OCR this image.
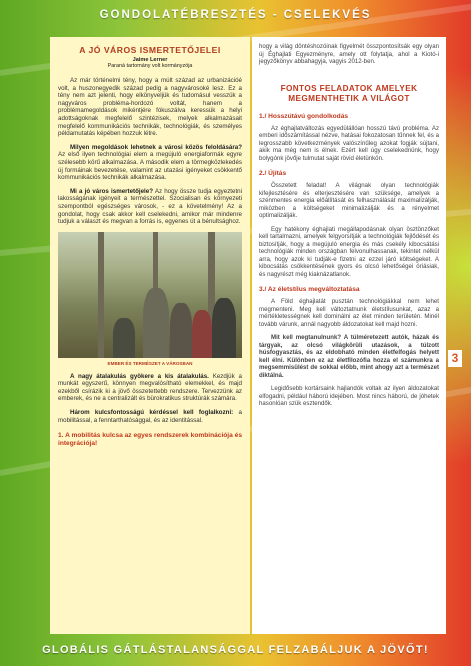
GONDOLATÉBRESZTÉS - CSELEKVÉS
A JÓ VÁROS ISMERTETŐJELEI
Jaime Lerner
Paraná tartomány volt kormányzója

Az már történelmi tény, hogy a múlt század az urbanizációé volt, a huszonegyedik század pedig a nagyvárosoké lesz. Ez a tény nem azt jelenti, hogy elkönyveljük és tudomásul vesszük a nagyváros probléma-hordozó voltát, hanem a problémamegoldások mikéntjére fókuszálva keressük a helyi adottságoknak megfelelő szintézisek, melyek alkalmazásait megfelelő kommunikációs technikák, technológiák, és személyes példamutatás képében hozzuk létre.

Milyen megoldások lehetnek a városi közös feloldására? Az első ilyen technológiai elem a megújuló energiaformák egyre szélesebb körű alkalmazása. A második elem a törmegközlekedés új formáinak bevezetése, valamint az utazási igényeket csökkentő kommunikációs technikák alkalmazása.

Mi a jó város ismertetőjele? Az hogy össze tudja egyeztetni lakosságának igényeit a természettel. Szocialisan és környezeti szempontból egészséges városok, - ez a követelmény! Az a gondolat, hogy csak akkor kell cselekedni, amikor már mindenre tudjuk a választ és megvan a forrás is, egyenes út a bénultsághoz.

EMBER ÉS TERMÉSZET A VÁROSBAN

A nagy átalakulás gyökere a kis átalakulás. Kezdjük a munkát egyszerű, könnyen megvalósítható elemekkel, és majd ezekből csírázik ki a jövő összetettebb rendszere. Tervezzünk az emberek, és ne a centralizált és bürokratikus struktúrák számára.

Három kulcsfontosságú kérdéssel kell foglalkozni: a mobilitással, a fenntarthatósággal, és az identitással.

1. A mobilitás kulcsa az egyes rendszerek kombinációja és integrációja!

hogy a világ döntéshozóinak figyelmét összpontosítsák egy olyan új Éghajlati Egyezményre, amely ott folytatja, ahol a Kiotó-i jegyzőkönyv abbahagyja, vagyis 2012-ben.

FONTOS FELADATOK AMELYEK MEGMENTHETIK A VILÁGOT
1./ Hosszútávú gondolkodás

Az éghajlatváltozás egyedülállóan hosszú távú probléma. Az emberi időszámítással nézve, hatásai fokozatosan tűnnek fel, és a legrosszabb következmények valószínűleg azokat fogják sújtani, akik ma még nem is élnek. Ezért kell úgy cselekednünk, hogy bolygónk jövője tulmutat saját rövid életünkön.

2./ Újítás

Összetett feladat! A világnak olyan technológiák kifejlesztésére és elterjesztésére van szüksége, amelyek a szénmentes energia előállítását és felhasználását maximalizálják, miközben a költségeket minimalizálják és a rényelmet optimalizálják.

Egy hatékony éghajlati megállapodásnak olyan ösztönzőket kell tartalmazni, amelyek felgyorsítják a technológiák fejlődését és biztosítják, hogy a megújuló energia és más csekély kibocsátási technológiák minden országban felvonulhassanak, tekintet nélkül arra, hogy azok ki tudják-e fizetni az ezzel járó költségeket. A kibocsátás csökkentésének gyors és olcsó lehetőségei óriásiak, és nagyrészt még kiaknázatlanok.

3./ Az életstílus megváltoztatása

A Föld éghajlatát pusztán technológiákkal nem lehet megmenteni. Meg kell változtatnunk életstílusunkat, azaz a mértékletességnek kell dominálni az élet minden területén. Minél tovább várunk, annál nagyobb áldozatokat kell majd hozni.

Mit kell megtanulnunk? A túlméretezett autók, házak és tárgyak, az olcsó világkörüli utazások, a túlzott húsfogyasztás, és az eldobható minden életfelfogás helyett kell élni. Különben ez az életfilozófia hozza el számunkra a megsemmisülést de sokkal előbb, mint ahogy azt a természet diktálná.

Legidősebb kortársaink hajlandók voltak az ilyen áldozatokat elfogadni, például háború idejében. Most nincs háború, de jóhetek hasonlóan szük esztendők.

3
GLOBÁLIS GÁTLÁSTALANSÁGGAL FELZABÁLJUK A JÖVŐT!
